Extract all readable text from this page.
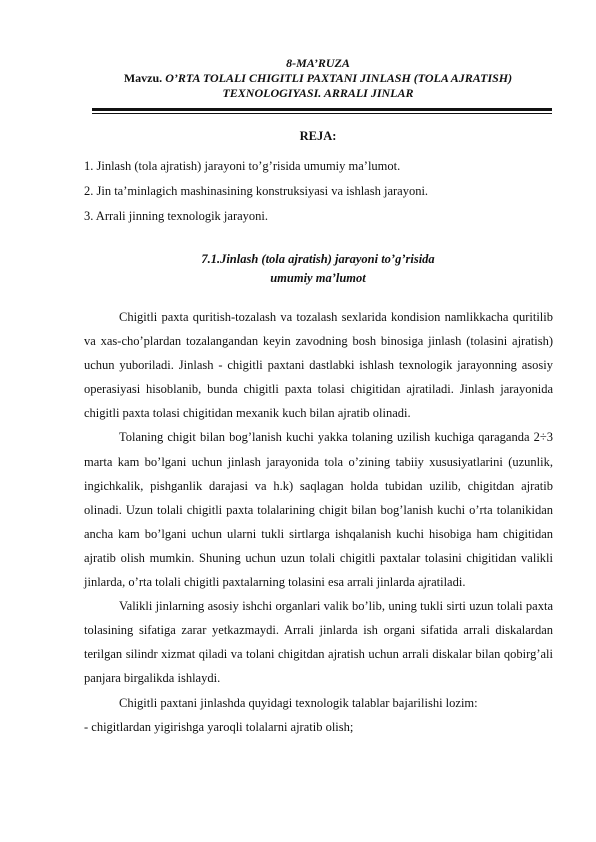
8-MA’RUZA
Mavzu. O’RTA TOLALI CHIGITLI PAXTANI JINLASH (TOLA AJRATISH) TEXNOLOGIYASI. ARRALI JINLAR
REJA:
1. Jinlash (tola ajratish) jarayoni to’g’risida umumiy ma’lumot.
2. Jin ta’minlagich mashinasining konstruksiyasi va ishlash jarayoni.
3. Arrali jinning texnologik jarayoni.
7.1.Jinlash (tola ajratish) jarayoni to’g’risida
umumiy ma’lumot

Chigitli paxta quritish-tozalash va tozalash sexlarida kondision namlikkacha quritilib va xas-cho’plardan tozalangandan keyin zavodning bosh binosiga jinlash (tolasini ajratish) uchun yuboriladi. Jinlash - chigitli paxtani dastlabki ishlash texnologik jarayonning asosiy operasiyasi hisoblanib, bunda chigitli paxta tolasi chigitidan ajratiladi. Jinlash jarayonida chigitli paxta tolasi chigitidan mexanik kuch bilan ajratib olinadi.

Tolaning chigit bilan bog’lanish kuchi yakka tolaning uzilish kuchiga qaraganda 2÷3 marta kam bo’lgani uchun jinlash jarayonida tola o’zining tabiiy xususiyatlarini (uzunlik, ingichkalik, pishganlik darajasi va h.k) saqlagan holda tubidan uzilib, chigitdan ajratib olinadi. Uzun tolali chigitli paxta tolalarining chigit bilan bog’lanish kuchi o’rta tolanikidan ancha kam bo’lgani uchun ularni tukli sirtlarga ishqalanish kuchi hisobiga ham chigitidan ajratib olish mumkin. Shuning uchun uzun tolali chigitli paxtalar tolasini chigitidan valikli jinlarda, o’rta tolali chigitli paxtalarning tolasini esa arrali jinlarda ajratiladi.

Valikli jinlarning asosiy ishchi organlari valik bo’lib, uning tukli sirti uzun tolali paxta tolasining sifatiga zarar yetkazmaydi. Arrali jinlarda ish organi sifatida arrali diskalardan terilgan silindr xizmat qiladi va tolani chigitdan ajratish uchun arrali diskalar bilan qobirg’ali panjara birgalikda ishlaydi.

Chigitli paxtani jinlashda quyidagi texnologik talablar bajarilishi lozim:

- chigitlardan yigirishga yaroqli tolalarni ajratib olish;
